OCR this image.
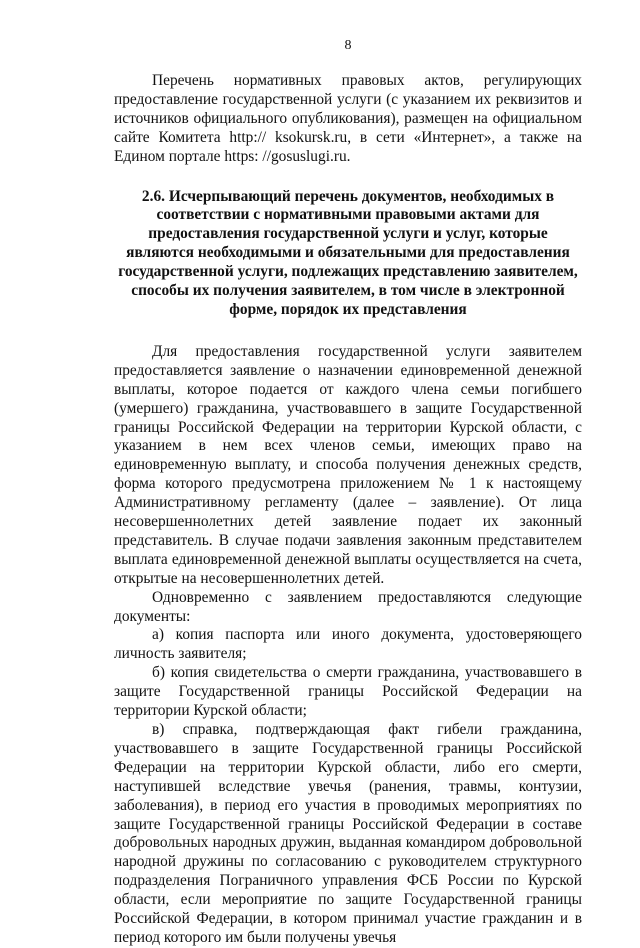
8

Перечень нормативных правовых актов, регулирующих предоставление государственной услуги (с указанием их реквизитов и источников официального опубликования), размещен на официальном сайте Комитета http:// ksokursk.ru, в сети «Интернет», а также на Едином портале https: //gosuslugi.ru.

2.6. Исчерпывающий перечень документов, необходимых в соответствии с нормативными правовыми актами для предоставления государственной услуги и услуг, которые являются необходимыми и обязательными для предоставления государственной услуги, подлежащих представлению заявителем, способы их получения заявителем, в том числе в электронной форме, порядок их представления

Для предоставления государственной услуги заявителем предоставляется заявление о назначении единовременной денежной выплаты, которое подается от каждого члена семьи погибшего (умершего) гражданина, участвовавшего в защите Государственной границы Российской Федерации на территории Курской области, с указанием в нем всех членов семьи, имеющих право на единовременную выплату, и способа получения денежных средств, форма которого предусмотрена приложением № 1 к настоящему Административному регламенту (далее – заявление). От лица несовершеннолетних детей заявление подает их законный представитель. В случае подачи заявления законным представителем выплата единовременной денежной выплаты осуществляется на счета, открытые на несовершеннолетних детей.

Одновременно с заявлением предоставляются следующие документы:

а) копия паспорта или иного документа, удостоверяющего личность заявителя;

б) копия свидетельства о смерти гражданина, участвовавшего в защите Государственной границы Российской Федерации на территории Курской области;

в) справка, подтверждающая факт гибели гражданина, участвовавшего в защите Государственной границы Российской Федерации на территории Курской области, либо его смерти, наступившей вследствие увечья (ранения, травмы, контузии, заболевания), в период его участия в проводимых мероприятиях по защите Государственной границы Российской Федерации в составе добровольных народных дружин, выданная командиром добровольной народной дружины по согласованию с руководителем структурного подразделения Пограничного управления ФСБ России по Курской области, если мероприятие по защите Государственной границы Российской Федерации, в котором принимал участие гражданин и в период которого им были получены увечья
